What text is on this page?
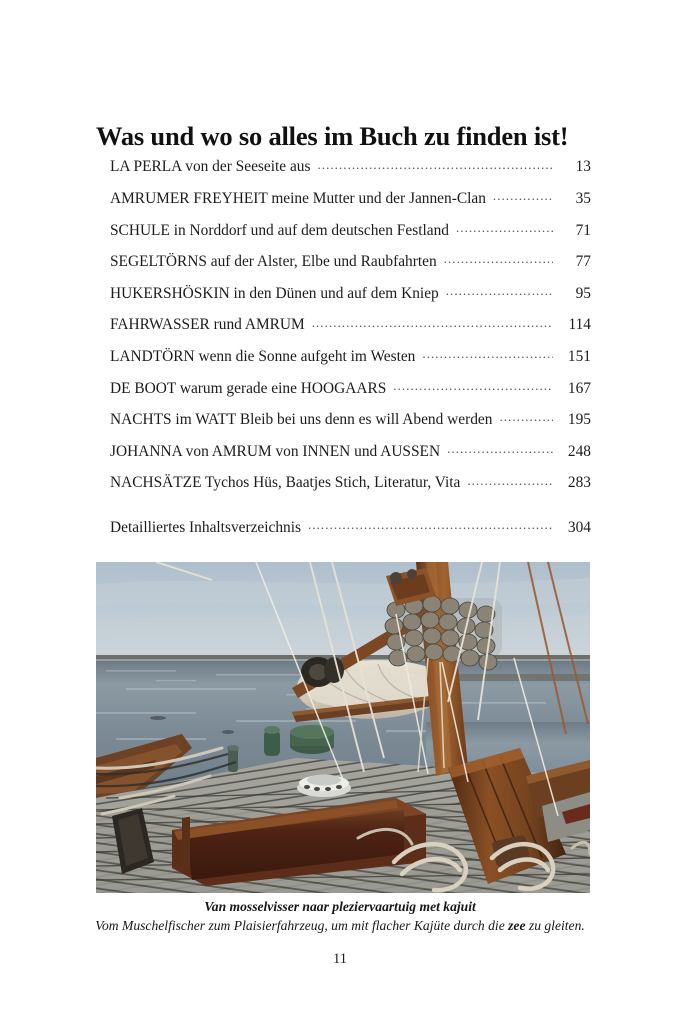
Was und wo so alles im Buch zu finden ist!
LA PERLA von der Seeseite aus .....	13
AMRUMER FREYHEIT meine Mutter und der Jannen-Clan .....	35
SCHULE in Norddorf und auf dem deutschen Festland .....	71
SEGELTÖRNS auf der Alster, Elbe und Raubfahrten .....	77
HUKERSHÖSKIN in den Dünen und auf dem Kniep .....	95
FAHRWASSER rund AMRUM .....	114
LANDTÖRN wenn die Sonne aufgeht im Westen .....	151
DE BOOT warum gerade eine HOOGAARS .....	167
NACHTS im WATT Bleib bei uns denn es will Abend werden .....	195
JOHANNA von AMRUM von INNEN und AUSSEN .....	248
NACHSÄTZE Tychos Hüs, Baatjes Stich, Literatur, Vita .....	283
Detailliertes Inhaltsverzeichnis .....	304
Van mosselvisser naar pleziervaartuig met kajuit
Vom Muschelfischer zum Plaisierfahrzeug, um mit flacher Kajüte durch die zee zu gleiten.
11
